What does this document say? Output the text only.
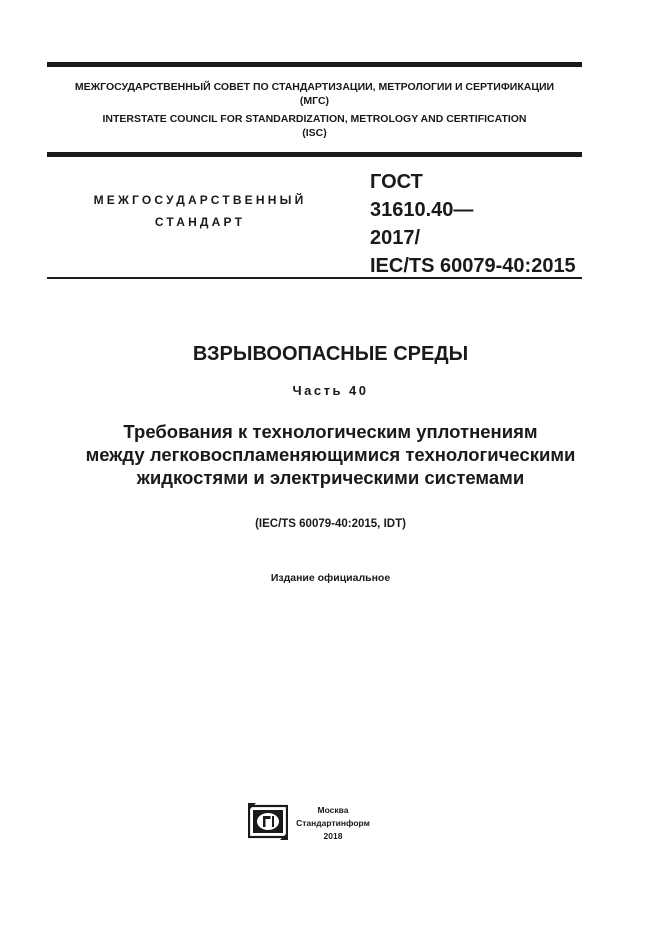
МЕЖГОСУДАРСТВЕННЫЙ СОВЕТ ПО СТАНДАРТИЗАЦИИ, МЕТРОЛОГИИ И СЕРТИФИКАЦИИ
(МГС)
INTERSTATE COUNCIL FOR STANDARDIZATION, METROLOGY AND CERTIFICATION
(ISC)
МЕЖГОСУДАРСТВЕННЫЙ
СТАНДАРТ
ГОСТ
31610.40—
2017/
IEC/TS 60079-40:2015
ВЗРЫВООПАСНЫЕ СРЕДЫ
Часть 40
Требования к технологическим уплотнениям
между легковоспламеняющимися технологическими
жидкостями и электрическими системами
(IEC/TS 60079-40:2015, IDT)
Издание официальное
Москва
Стандартинформ
2018
